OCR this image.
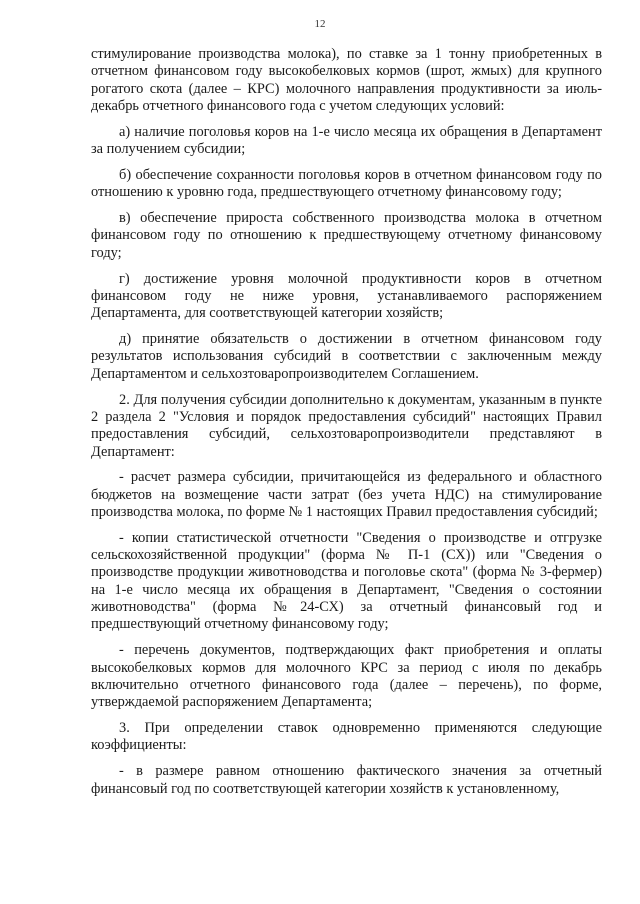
12

стимулирование производства молока), по ставке за 1 тонну приобретенных в отчетном финансовом году высокобелковых кормов (шрот, жмых) для крупного рогатого скота (далее – КРС) молочного направления продуктивности за июль-декабрь отчетного финансового года с учетом следующих условий:

а) наличие поголовья коров на 1-е число месяца их обращения в Департамент за получением субсидии;

б) обеспечение сохранности поголовья коров в отчетном финансовом году по отношению к уровню года, предшествующего отчетному финансовому году;

в) обеспечение прироста собственного производства молока в отчетном финансовом году по отношению к предшествующему отчетному финансовому году;

г) достижение уровня молочной продуктивности коров в отчетном финансовом году не ниже уровня, устанавливаемого распоряжением Департамента, для соответствующей категории хозяйств;

д) принятие обязательств о достижении в отчетном финансовом году результатов использования субсидий в соответствии с заключенным между Департаментом и сельхозтоваропроизводителем Соглашением.

2. Для получения субсидии дополнительно к документам, указанным в пункте 2 раздела 2 "Условия и порядок предоставления субсидий" настоящих Правил предоставления субсидий, сельхозтоваропроизводители представляют в Департамент:

- расчет размера субсидии, причитающейся из федерального и областного бюджетов на возмещение части затрат (без учета НДС) на стимулирование производства молока, по форме № 1 настоящих Правил предоставления субсидий;

- копии статистической отчетности "Сведения о производстве и отгрузке сельскохозяйственной продукции" (форма № П-1 (СХ)) или "Сведения о производстве продукции животноводства и поголовье скота" (форма № 3-фермер) на 1-е число месяца их обращения в Департамент, "Сведения о состоянии животноводства" (форма №24-СХ) за отчетный финансовый год и предшествующий отчетному финансовому году;

- перечень документов, подтверждающих факт приобретения и оплаты высокобелковых кормов для молочного КРС за период с июля по декабрь включительно отчетного финансового года (далее – перечень), по форме, утверждаемой распоряжением Департамента;

3. При определении ставок одновременно применяются следующие коэффициенты:

- в размере равном отношению фактического значения за отчетный финансовый год по соответствующей категории хозяйств к установленному,
